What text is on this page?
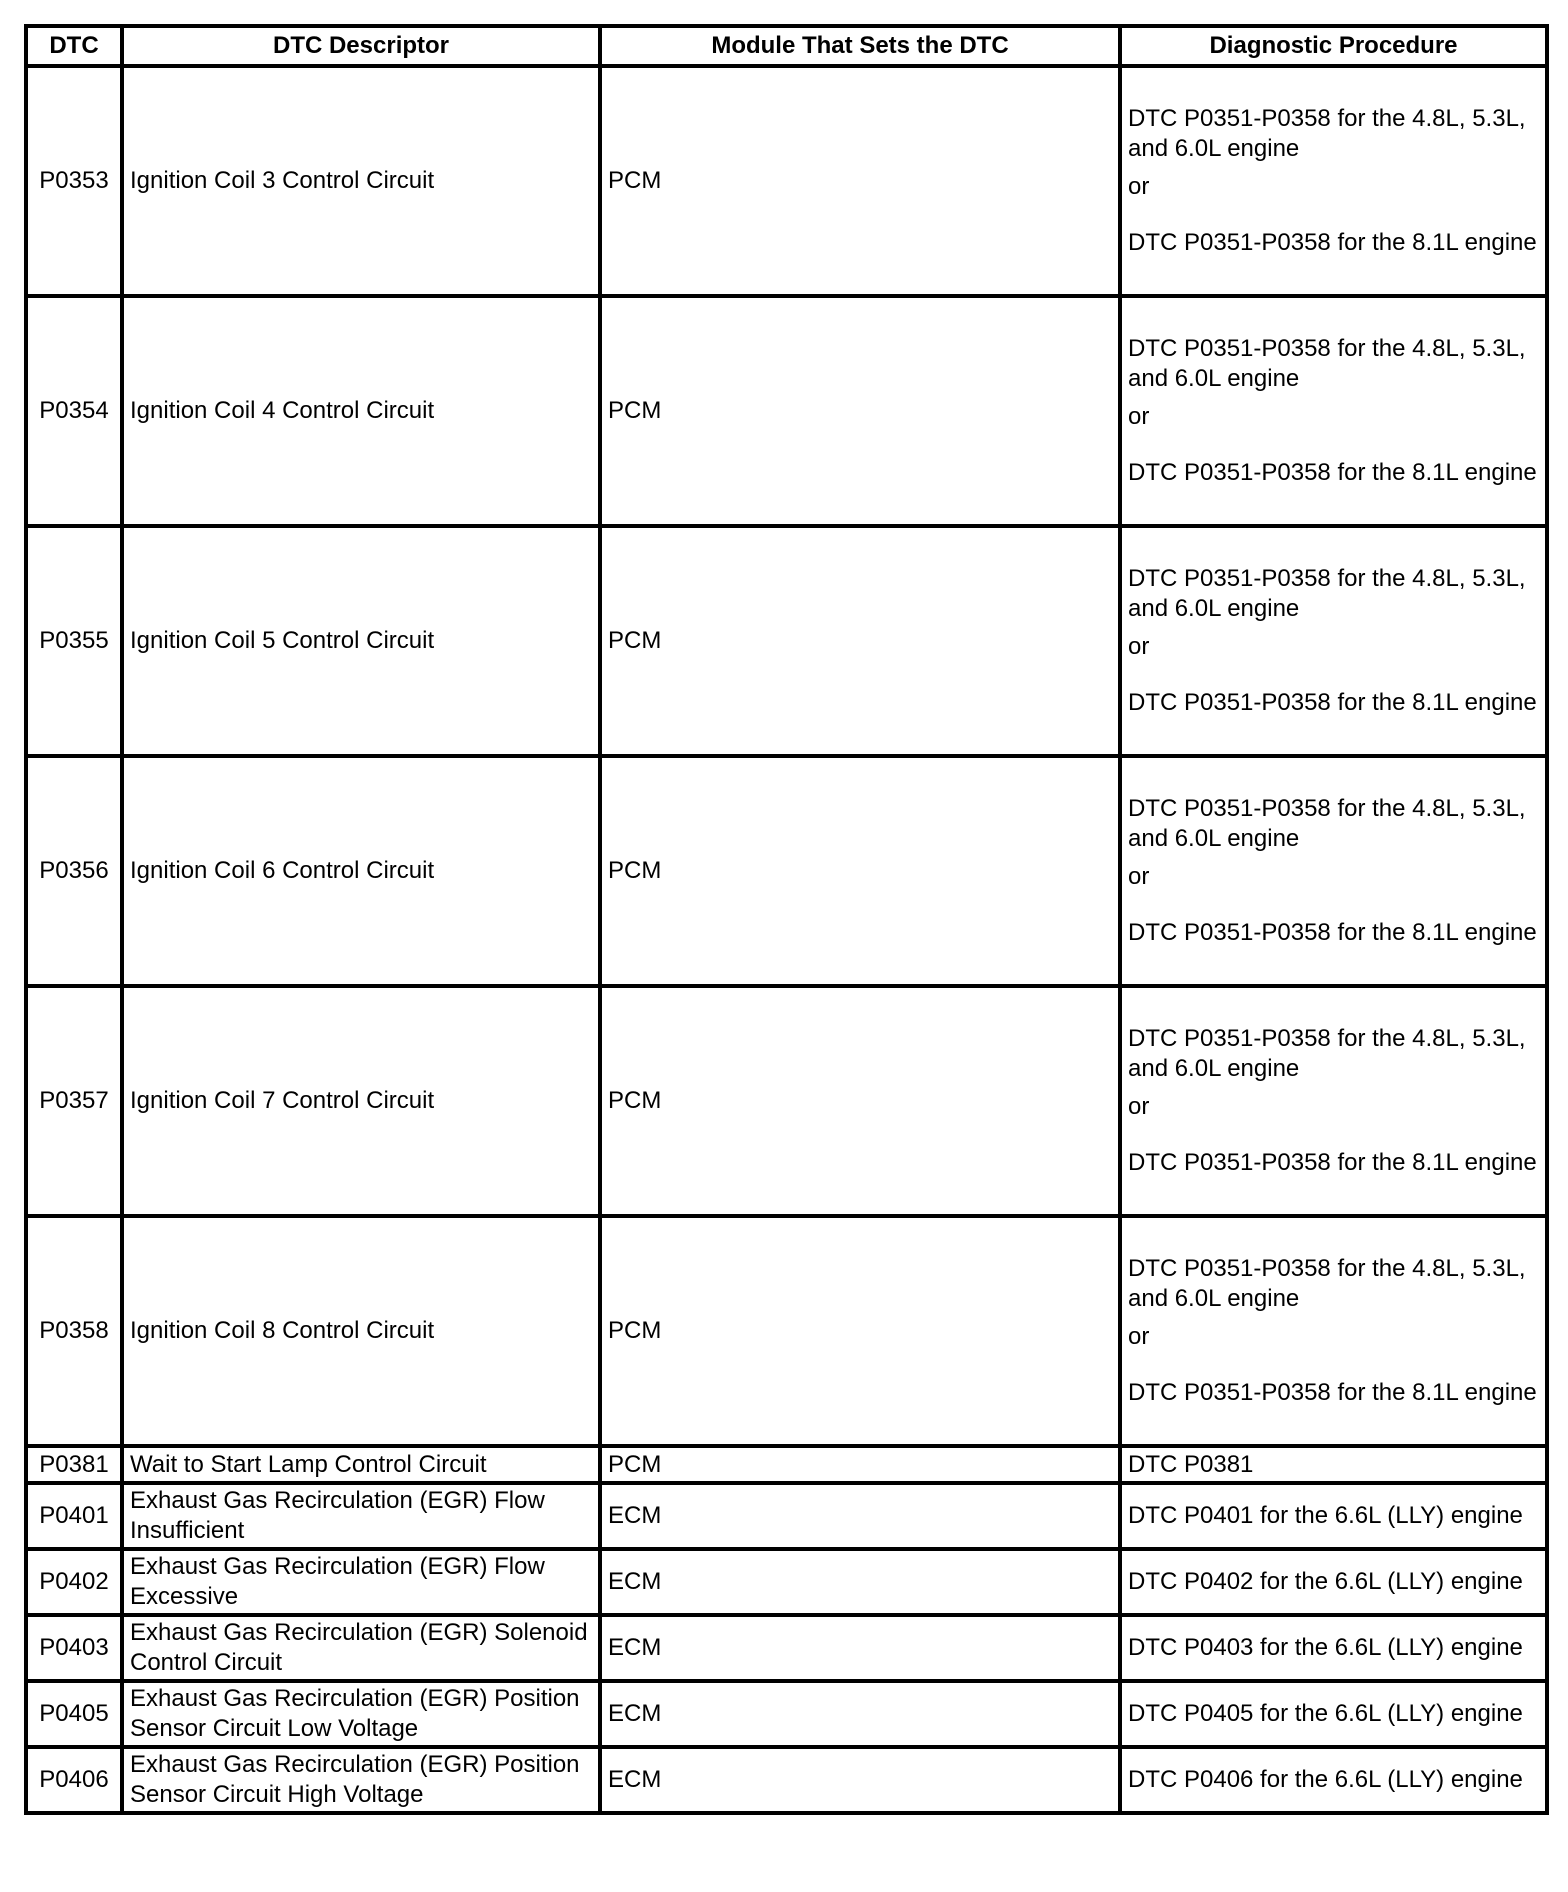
DTC	DTC Descriptor	Module That Sets the DTC	Diagnostic Procedure
P0353	Ignition Coil 3 Control Circuit	PCM	DTC P0351-P0358 for the 4.8L, 5.3L, and 6.0L engine
or
DTC P0351-P0358 for the 8.1L engine

P0354	Ignition Coil 4 Control Circuit	PCM	DTC P0351-P0358 for the 4.8L, 5.3L, and 6.0L engine
or
DTC P0351-P0358 for the 8.1L engine

P0355	Ignition Coil 5 Control Circuit	PCM	DTC P0351-P0358 for the 4.8L, 5.3L, and 6.0L engine
or
DTC P0351-P0358 for the 8.1L engine

P0356	Ignition Coil 6 Control Circuit	PCM	DTC P0351-P0358 for the 4.8L, 5.3L, and 6.0L engine
or
DTC P0351-P0358 for the 8.1L engine

P0357	Ignition Coil 7 Control Circuit	PCM	DTC P0351-P0358 for the 4.8L, 5.3L, and 6.0L engine
or
DTC P0351-P0358 for the 8.1L engine

P0358	Ignition Coil 8 Control Circuit	PCM	DTC P0351-P0358 for the 4.8L, 5.3L, and 6.0L engine
or
DTC P0351-P0358 for the 8.1L engine

P0381	Wait to Start Lamp Control Circuit	PCM	DTC P0381
P0401	Exhaust Gas Recirculation (EGR) Flow Insufficient	ECM	DTC P0401 for the 6.6L (LLY) engine
P0402	Exhaust Gas Recirculation (EGR) Flow Excessive	ECM	DTC P0402 for the 6.6L (LLY) engine
P0403	Exhaust Gas Recirculation (EGR) Solenoid Control Circuit	ECM	DTC P0403 for the 6.6L (LLY) engine
P0405	Exhaust Gas Recirculation (EGR) Position Sensor Circuit Low Voltage	ECM	DTC P0405 for the 6.6L (LLY) engine
P0406	Exhaust Gas Recirculation (EGR) Position Sensor Circuit High Voltage	ECM	DTC P0406 for the 6.6L (LLY) engine
